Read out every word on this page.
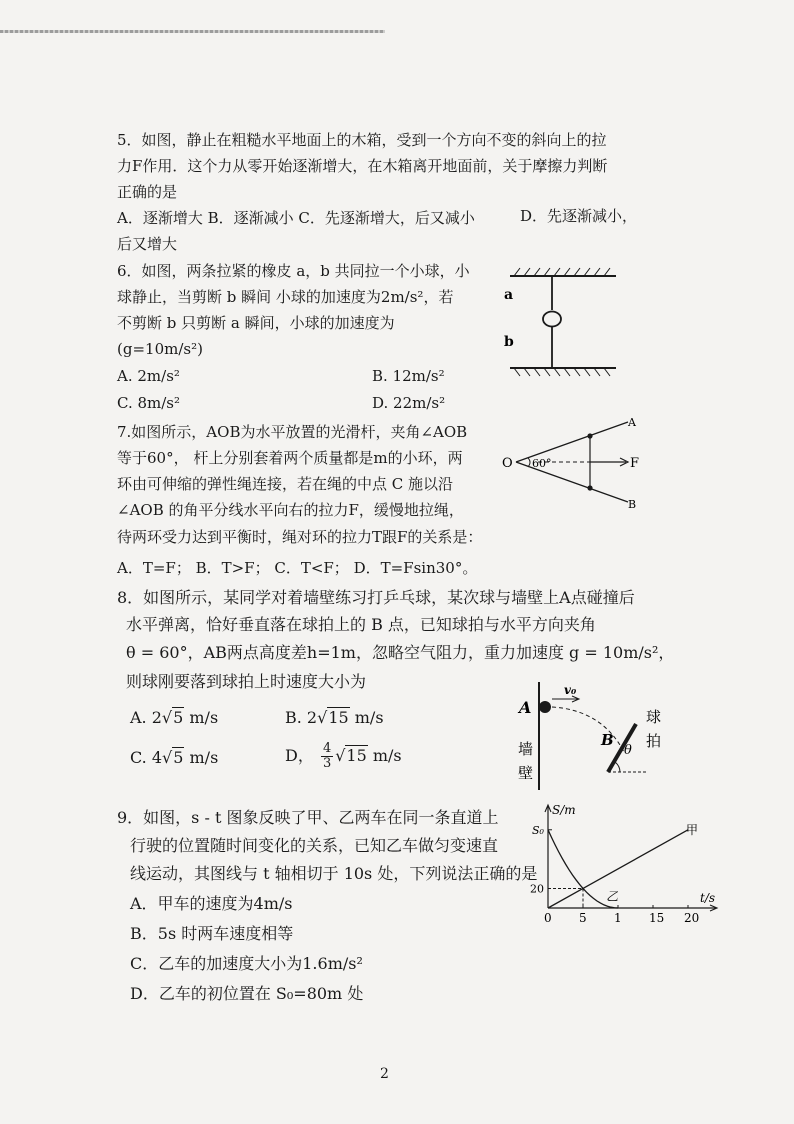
5．如图，静止在粗糙水平地面上的木箱，受到一个方向不变的斜向上的拉
力F作用．这个力从零开始逐渐增大，在木箱离开地面前，关于摩擦力判断
正确的是
A．逐渐增大 B．逐渐减小 C．先逐渐增大，后又减小	D．先逐渐减小，
后又增大
6．如图，两条拉紧的橡皮 a，b 共同拉一个小球，小
球静止，当剪断 b 瞬间 小球的加速度为2m/s²，若
不剪断 b 只剪断 a 瞬间，小球的加速度为
(g=10m/s²)
A. 2m/s²	B. 12m/s²
C. 8m/s²	D. 22m/s²
a
b
7.如图所示，AOB为水平放置的光滑杆，夹角∠AOB
等于60°， 杆上分别套着两个质量都是m的小环，两
环由可伸缩的弹性绳连接，若在绳的中点 C 施以沿
∠AOB 的角平分线水平向右的拉力F，缓慢地拉绳，
待两环受力达到平衡时，绳对环的拉力T跟F的关系是：
A．T=F； B．T>F； C．T<F； D．T=Fsin30°。
O 60°
A
B
F
8．如图所示，某同学对着墙壁练习打乒乓球，某次球与墙壁上A点碰撞后
水平弹离，恰好垂直落在球拍上的 B 点，已知球拍与水平方向夹角
θ = 60°，AB两点高度差h=1m，忽略空气阻力，重力加速度 g = 10m/s²，
则球刚要落到球拍上时速度大小为
A. 2√5 m/s	B. 2√15 m/s
C. 4√5 m/s	D， $\frac{4}{3} √15$ m/s
A
v₀
B
θ
墙
壁
球
拍
9．如图，s - t 图象反映了甲、乙两车在同一条直道上
行驶的位置随时间变化的关系，已知乙车做匀变速直
线运动，其图线与 t 轴相切于 10s 处，下列说法正确的是
A．甲车的速度为4m/s
B．5s 时两车速度相等
C．乙车的加速度大小为1.6m/s²
D．乙车的初位置在 S₀=80m 处
S/m
t/s
0 5 1 15 20
S₀
20
甲
乙
2
